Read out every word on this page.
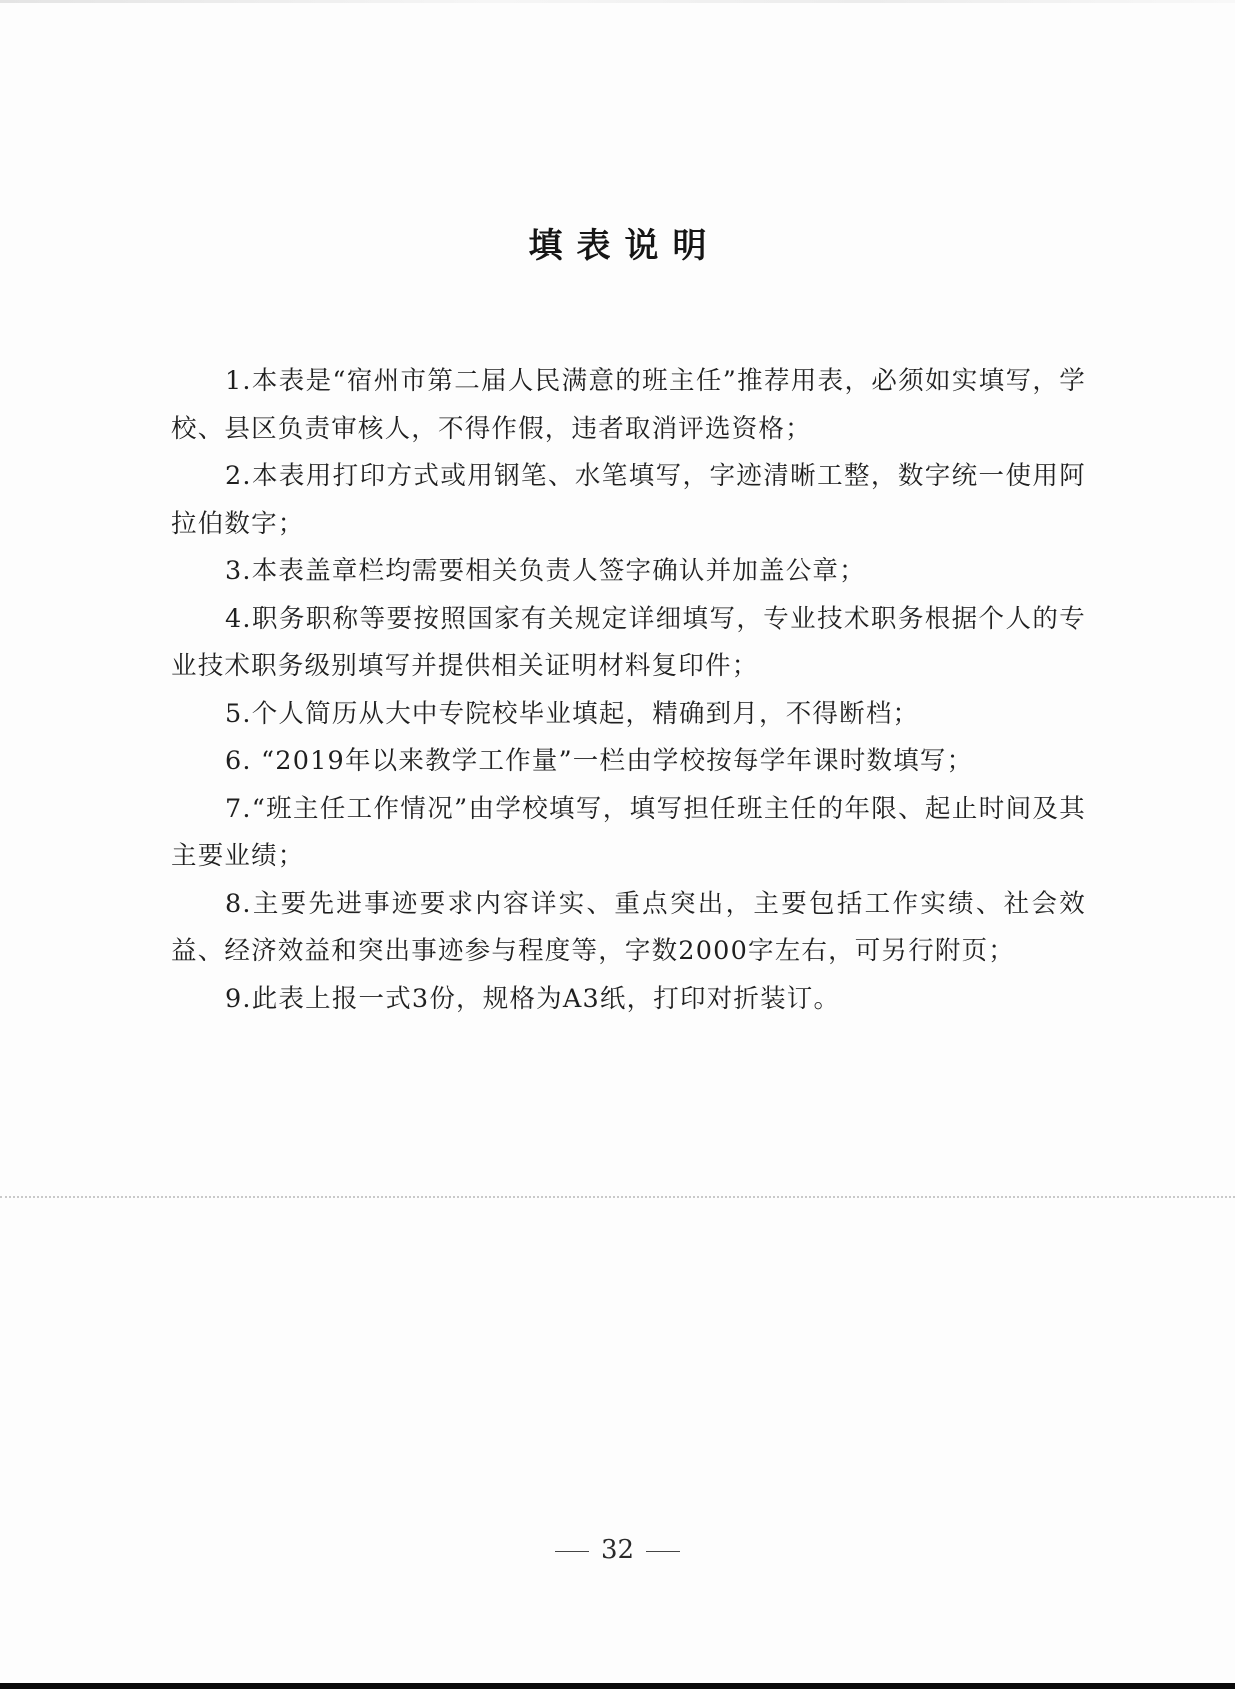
填表说明

1.本表是“宿州市第二届人民满意的班主任”推荐用表，必须如实填写，学校、县区负责审核人，不得作假，违者取消评选资格；

2.本表用打印方式或用钢笔、水笔填写，字迹清晰工整，数字统一使用阿拉伯数字；

3.本表盖章栏均需要相关负责人签字确认并加盖公章；

4.职务职称等要按照国家有关规定详细填写，专业技术职务根据个人的专业技术职务级别填写并提供相关证明材料复印件；

5.个人简历从大中专院校毕业填起，精确到月，不得断档；

6. “2019年以来教学工作量”一栏由学校按每学年课时数填写；

7.“班主任工作情况”由学校填写，填写担任班主任的年限、起止时间及其主要业绩；

8.主要先进事迹要求内容详实、重点突出，主要包括工作实绩、社会效益、经济效益和突出事迹参与程度等，字数2000字左右，可另行附页；

9.此表上报一式3份，规格为A3纸，打印对折装订。

32
